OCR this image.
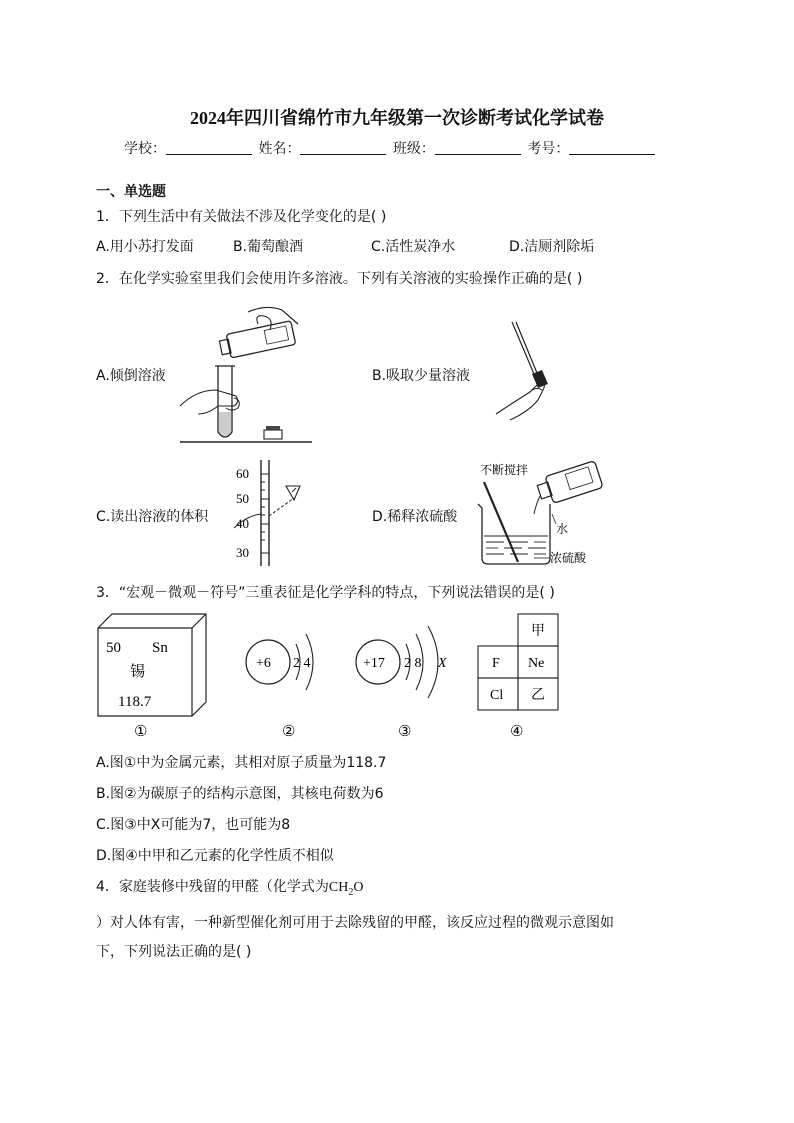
2024年四川省绵竹市九年级第一次诊断考试化学试卷
学校：	姓名：	班级：	考号：
一、单选题
1．下列生活中有关做法不涉及化学变化的是( )
A.用小苏打发面	B.葡萄酿酒	C.活性炭净水	D.洁厕剂除垢
2．在化学实验室里我们会使用许多溶液。下列有关溶液的实验操作正确的是( )
A.倾倒溶液	B.吸取少量溶液
C.读出溶液的体积
60
50
40
30
D.稀释浓硫酸
不断搅拌
水
浓硫酸
3．“宏观－微观－符号”三重表征是化学学科的特点，下列说法错误的是( )
50 Sn
锡
118.7
①
+6 2 4
②
+17 2 8 X
③
甲
F Ne
Cl 乙
④
A.图①中为金属元素，其相对原子质量为118.7
B.图②为碳原子的结构示意图，其核电荷数为6
C.图③中X可能为7，也可能为8
D.图④中甲和乙元素的化学性质不相似
4．家庭装修中残留的甲醛（化学式为$CH_2O$
）对人体有害，一种新型催化剂可用于去除残留的甲醛，该反应过程的微观示意图如
下，下列说法正确的是( )
